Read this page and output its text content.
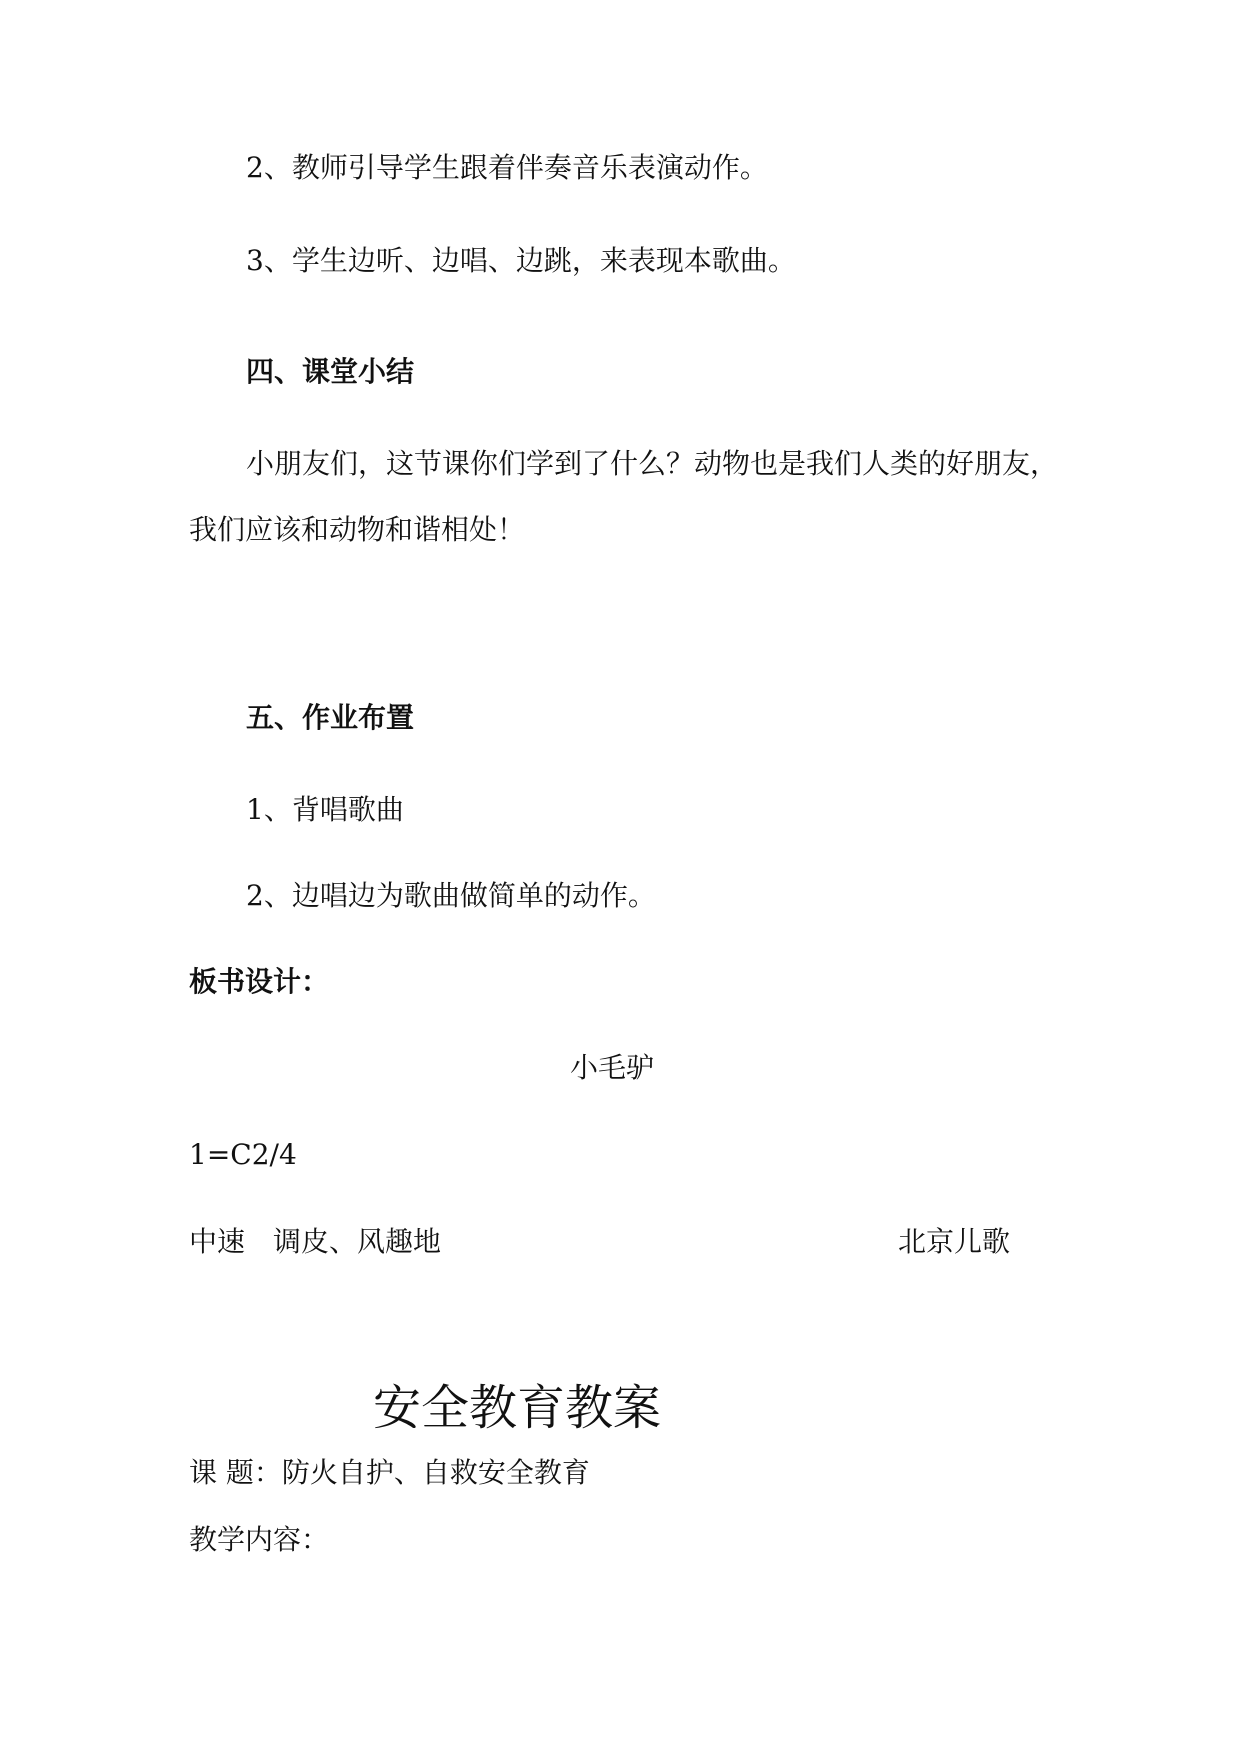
2、教师引导学生跟着伴奏音乐表演动作。
3、学生边听、边唱、边跳，来表现本歌曲。
四、课堂小结
小朋友们，这节课你们学到了什么？动物也是我们人类的好朋友，
我们应该和动物和谐相处！
五、作业布置
1、背唱歌曲
2、边唱边为歌曲做简单的动作。
板书设计：
小毛驴
1=C2/4
中速　调皮、风趣地	北京儿歌
安全教育教案
课 题：防火自护、自救安全教育
教学内容：
